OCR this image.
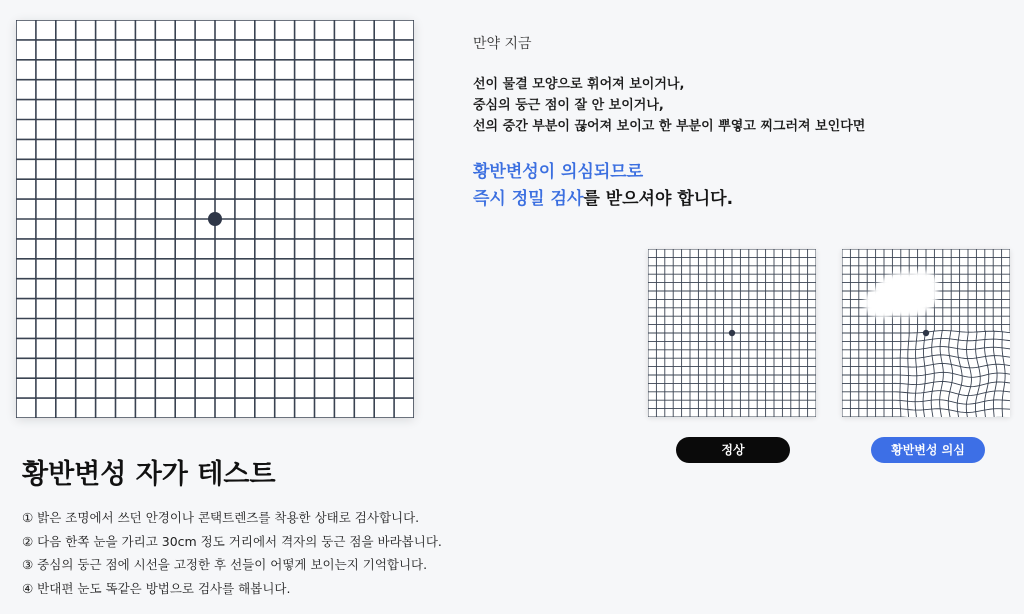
만약 지금
선이 물결 모양으로 휘어져 보이거나,
중심의 둥근 점이 잘 안 보이거나,
선의 중간 부분이 끊어져 보이고 한 부분이 뿌옇고 찌그러져 보인다면
황반변성이 의심되므로
즉시 정밀 검사를 받으셔야 합니다.
정상	황반변성 의심
황반변성 자가 테스트
① 밝은 조명에서 쓰던 안경이나 콘택트렌즈를 착용한 상태로 검사합니다.
② 다음 한쪽 눈을 가리고 30cm 정도 거리에서 격자의 둥근 점을 바라봅니다.
③ 중심의 둥근 점에 시선을 고정한 후 선들이 어떻게 보이는지 기억합니다.
④ 반대편 눈도 똑같은 방법으로 검사를 해봅니다.
